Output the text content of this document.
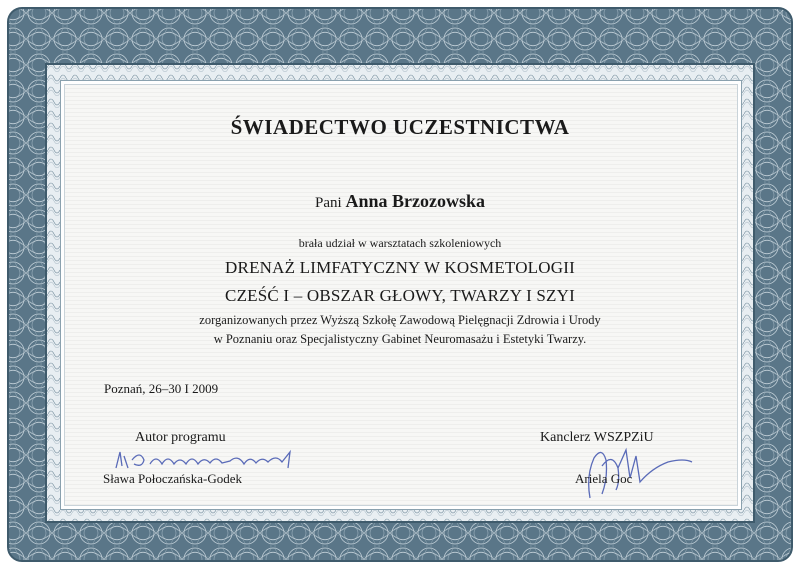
ŚWIADECTWO UCZESTNICTWA
Pani Anna Brzozowska
brała udział w warsztatach szkoleniowych
DRENAŻ LIMFATYCZNY W KOSMETOLOGII
CZEŚĆ I – OBSZAR GŁOWY, TWARZY I SZYI
zorganizowanych przez Wyższą Szkołę Zawodową Pielęgnacji Zdrowia i Urody
w Poznaniu oraz Specjalistyczny Gabinet Neuromasażu i Estetyki Twarzy.
Poznań, 26–30 I 2009
Autor programu
Sława Połoczańska-Godek
Kanclerz WSZPZiU
Ariela Goc
